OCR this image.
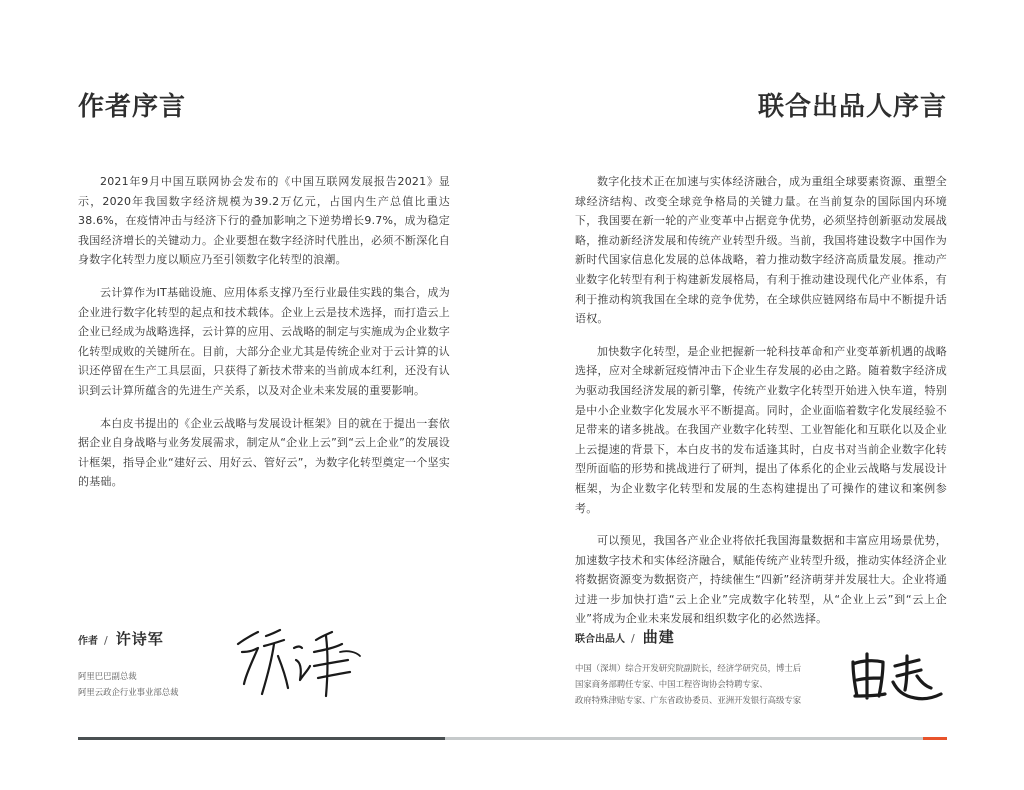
作者序言

2021年9月中国互联网协会发布的《中国互联网发展报告2021》显示，2020年我国数字经济规模为39.2万亿元，占国内生产总值比重达38.6%，在疫情冲击与经济下行的叠加影响之下逆势增长9.7%，成为稳定我国经济增长的关键动力。企业要想在数字经济时代胜出，必须不断深化自身数字化转型力度以顺应乃至引领数字化转型的浪潮。

云计算作为IT基础设施、应用体系支撑乃至行业最佳实践的集合，成为企业进行数字化转型的起点和技术载体。企业上云是技术选择，而打造云上企业已经成为战略选择，云计算的应用、云战略的制定与实施成为企业数字化转型成败的关键所在。目前，大部分企业尤其是传统企业对于云计算的认识还停留在生产工具层面，只获得了新技术带来的当前成本红利，还没有认识到云计算所蕴含的先进生产关系，以及对企业未来发展的重要影响。

本白皮书提出的《企业云战略与发展设计框架》目的就在于提出一套依据企业自身战略与业务发展需求，制定从“企业上云”到“云上企业”的发展设计框架，指导企业“建好云、用好云、管好云”，为数字化转型奠定一个坚实的基础。

作者 / 许诗军
阿里巴巴副总裁
阿里云政企行业事业部总裁
联合出品人序言

数字化技术正在加速与实体经济融合，成为重组全球要素资源、重塑全球经济结构、改变全球竞争格局的关键力量。在当前复杂的国际国内环境下，我国要在新一轮的产业变革中占据竞争优势，必须坚持创新驱动发展战略，推动新经济发展和传统产业转型升级。当前，我国将建设数字中国作为新时代国家信息化发展的总体战略，着力推动数字经济高质量发展。推动产业数字化转型有利于构建新发展格局，有利于推动建设现代化产业体系，有利于推动构筑我国在全球的竞争优势，在全球供应链网络布局中不断提升话语权。

加快数字化转型，是企业把握新一轮科技革命和产业变革新机遇的战略选择，应对全球新冠疫情冲击下企业生存发展的必由之路。随着数字经济成为驱动我国经济发展的新引擎，传统产业数字化转型开始进入快车道，特别是中小企业数字化发展水平不断提高。同时，企业面临着数字化发展经验不足带来的诸多挑战。在我国产业数字化转型、工业智能化和互联化以及企业上云提速的背景下，本白皮书的发布适逢其时，白皮书对当前企业数字化转型所面临的形势和挑战进行了研判，提出了体系化的企业云战略与发展设计框架，为企业数字化转型和发展的生态构建提出了可操作的建议和案例参考。

可以预见，我国各产业企业将依托我国海量数据和丰富应用场景优势，加速数字技术和实体经济融合，赋能传统产业转型升级，推动实体经济企业将数据资源变为数据资产，持续催生“四新”经济萌芽并发展壮大。企业将通过进一步加快打造“云上企业”完成数字化转型，从“企业上云”到“云上企业”将成为企业未来发展和组织数字化的必然选择。

联合出品人 / 曲建
中国（深圳）综合开发研究院副院长，经济学研究员，博士后
国家商务部聘任专家、中国工程咨询协会特聘专家、
政府特殊津贴专家、广东省政协委员、亚洲开发银行高级专家
